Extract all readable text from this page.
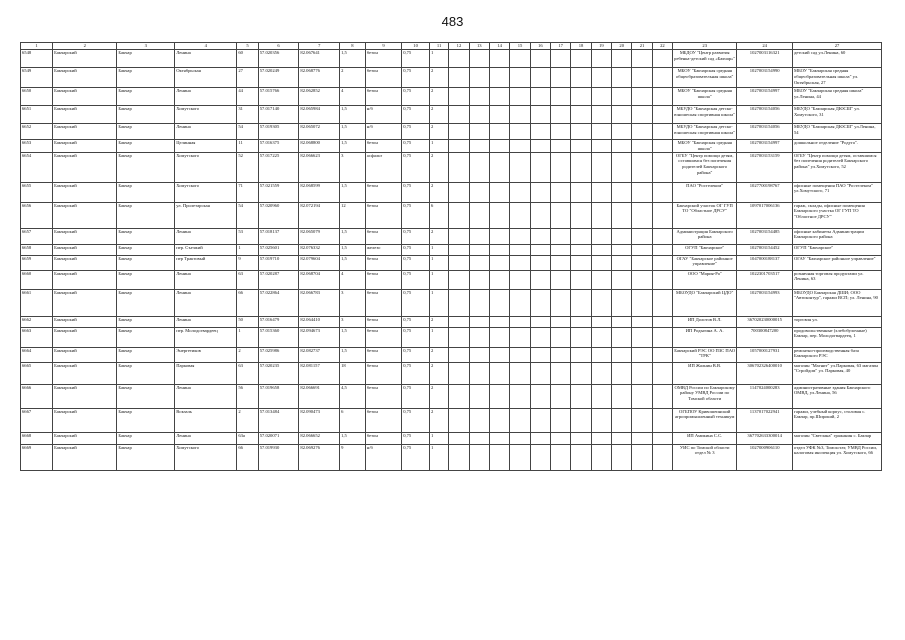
483
1	2	3	4	5	6	7	8	9	10	11	12	13	14	15	16	17	18	19	20	21	22	23	24	27
6548	Бакчарский	Бакчар	Ленина	60	57.020356	82.067641	1,5	бетон	0,75	1												МБДОУ "Центр развития ребенка-детский сад «Бакчар»"	1027003116321	детский сад ул.Ленина, 60
6549	Бакчарский	Бакчар	Октябрьская	27	57.020249	82.068776	2	бетон	0,75	2												МБОУ "Бакчарская средняя общеобразовательная школа"	1027003154990	МБОУ "Бакчарская средняя общеобразовательная школа" ул. Октябрьская, 27
6650	Бакчарский	Бакчар	Ленина	44	57.015766	82.062852	4	бетон	0,75	2												МБОУ "Бакчарская средняя школа"	1027003154997	МБОУ "Бакчарская средняя школа" ул.Ленина, 44
6651	Бакчарский	Бакчар	Хомутского	31	57.017140	82.065984	1,5	н/б	0,75	2												МБУДО "Бакчарская детско-юношеская спортивная школа"	1027003154056	МБУДО "Бакчарская ДЮСШ" ул. Хомутского, 31
6652	Бакчарский	Бакчар	Ленина	54	57.019305	82.065072	1,5	н/б	0,75	2												МБУДО "Бакчарская детско-юношеская спортивная школа"	1027003154056	МБУДО "Бакчарская ДЮСШ" ул.Ленина, 54
6653	Бакчарский	Бакчар	Целинная	11	57.016375	82.068800	1,5	бетон	0,75	1												МБОУ "Бакчарская средняя школа"	1027003154997	дошкольное отделение "Родуга".
6654	Бакчарский	Бакчар	Хомутского	52	57.017225	82.066623	3	асфальт	0,75	2												ОГБУ "Центр помощи детям, оставшимся без попечения родителей Бакчарского района"	1027003153159	ОГБУ "Центр помощи детям, оставшимся без попечения родителей Бакчарского района" ул.Хомутского, 52
6655	Бакчарский	Бакчар	Хомутского	71	57.021559	82.068599	1,5	бетон	0,75	2												ПАО "Ростелеком"	1027700198767	офисные помещения ПАО "Ростелеком" ул.Хомутского, 71
6656	Бакчарский	Бакчар	ул. Пролетарская	54	57.020960	82.072194	12	бетон	0,75	6												Бакчарский участок ОГ ГУП ТО "Областное ДРСУ"	1097017006136	гараж, склады, офисные помещения Бакчарского участка ОГ ГУП ТО "Областное ДРСУ"
6657	Бакчарский	Бакчар	Ленина	53	57.018137	82.065079	1,5	бетон	0,75	2												Администрация Бакчарского района	1027003154485	офисные кабинеты Администрации Бакчарского района
6658	Бакчарский	Бакчар	пер. Съезжий	1	57.025601	82.076332	1,5	железо	0,75	1												ОГУП "Бакчарское"	1027003154452	ОГУП "Бакчарское"
6659	Бакчарский	Бакчар	пер Трактовый	9	57.019710	82.079604	1,5	бетон	0,75	1												ОГАУ "Бакчарское районное управление"	1047000188137	ОГАУ "Бакчарское районное управление"
6660	Бакчарский	Бакчар	Ленина	63	57.020287	82.068704	4	бетон	0,75	1												ООО "Мария-Ра"	1022301703517	розничная торговля продуктами ул. Ленина, 63
6661	Бакчарский	Бакчар	Ленина	66	57.022864	82.066783	3	бетон	0,75	1												МБОУДО "Бакчарский ЦДО"	1027003154993	МБОУДО Бакчарская ДШИ; ООО "Автоконтур", гаражи ВСП; ул. Ленина, 90
6662	Бакчарский	Бакчар	Ленина	50	57.016479	82.064410	3	бетон	0,75	2												ИП Долотов В.Л.	367020230000015	торговля ул.
6663	Бакчарский	Бакчар	пер. Молодогвардеец	1	57.015360	82.094673	1,5	бетон	0,75	1												ИП Родыгина А. А.	700300847200	продовольственные (хлебобулочные) Бакчар, пер. Молодогвардеец, 1
6664	Бакчарский	Бакчар	Энергетиков	2	57.025986	82.082737	1,5	бетон	0,75	2												Бакчарский РЭС ОО ПЗС ПАО "ТРК"	1057000127931	ремонтно-производственная база Бакчарского РЭС
6665	Бакчарский	Бакчар	Парковая	63	57.020235	82.081157	18	бетон	0,75	2												ИП Жалнин В.В.	306702326400010	магазин "Магнит" ул.Парковая, 63 магазин "Стройдом" ул. Парковая, 40
6666	Бакчарский	Бакчар	Ленина	56	57.019658	82.066691	4,5	бетон	0,75	2												ОМВД России по Бакчарскому району УМВД России по Томской области	1147024000283	административные здания Бакчарского ОМВД, ул.Ленина, 56
6667	Бакчарский	Бакчар	Вокзаль	2	57.013484	82.090473	6	бетон	0,75	2												ОГБПОУ Кривошеинский агропромышленный техникум	1137017022941	гаражи, учебный корпус, столовая с. Бакчар, пр.Широкий, 2
6668	Бакчарский	Бакчар	Ленина	63а	57.020071	82.066652	1,5	бетон	0,75	1												ИП Амикина С.С.	367702633300014	магазин "Светлана" гражанин с. Бакчар
6669	Бакчарский	Бакчар	Хомутского	66	57.019930	82.069276	9	н/б	0,75	1												УИС по Томской области отдел № 3	1027000906110	отдел УФК №3, Томскстат, УМВД России, налоговая инспекция ул. Хомутского, 66
